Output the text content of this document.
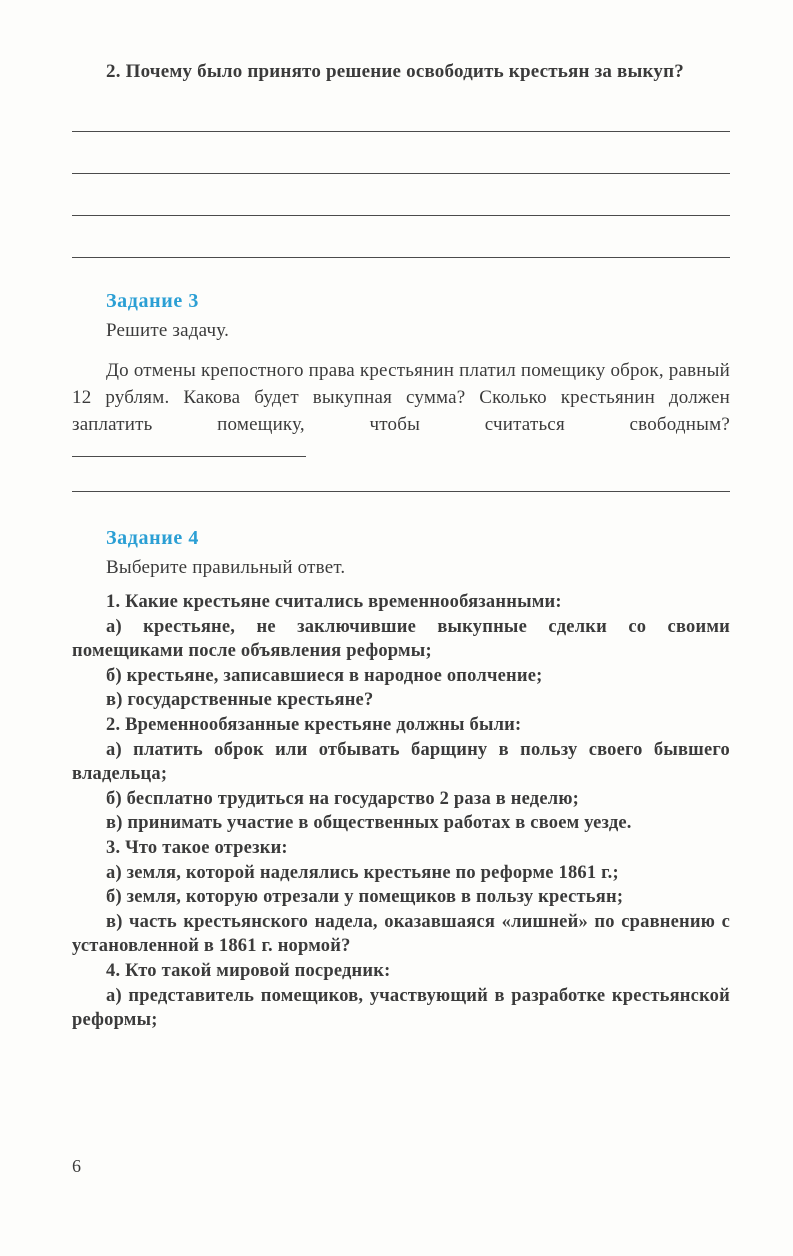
2. Почему было принято решение освободить крестьян за выкуп?

Задание 3

Решите задачу.

До отмены крепостного права крестьянин платил помещику оброк, равный 12 рублям. Какова будет выкупная сумма? Сколько крестьянин должен заплатить помещику, чтобы считаться свободным?

Задание 4

Выберите правильный ответ.

1. Какие крестьяне считались временнообязанными:

а) крестьяне, не заключившие выкупные сделки со своими помещиками после объявления реформы;

б) крестьяне, записавшиеся в народное ополчение;

в) государственные крестьяне?

2. Временнообязанные крестьяне должны были:

а) платить оброк или отбывать барщину в пользу своего бывшего владельца;

б) бесплатно трудиться на государство 2 раза в неделю;

в) принимать участие в общественных работах в своем уезде.

3. Что такое отрезки:

а) земля, которой наделялись крестьяне по реформе 1861 г.;

б) земля, которую отрезали у помещиков в пользу крестьян;

в) часть крестьянского надела, оказавшаяся «лишней» по сравнению с установленной в 1861 г. нормой?

4. Кто такой мировой посредник:

а) представитель помещиков, участвующий в разработке крестьянской реформы;

6
